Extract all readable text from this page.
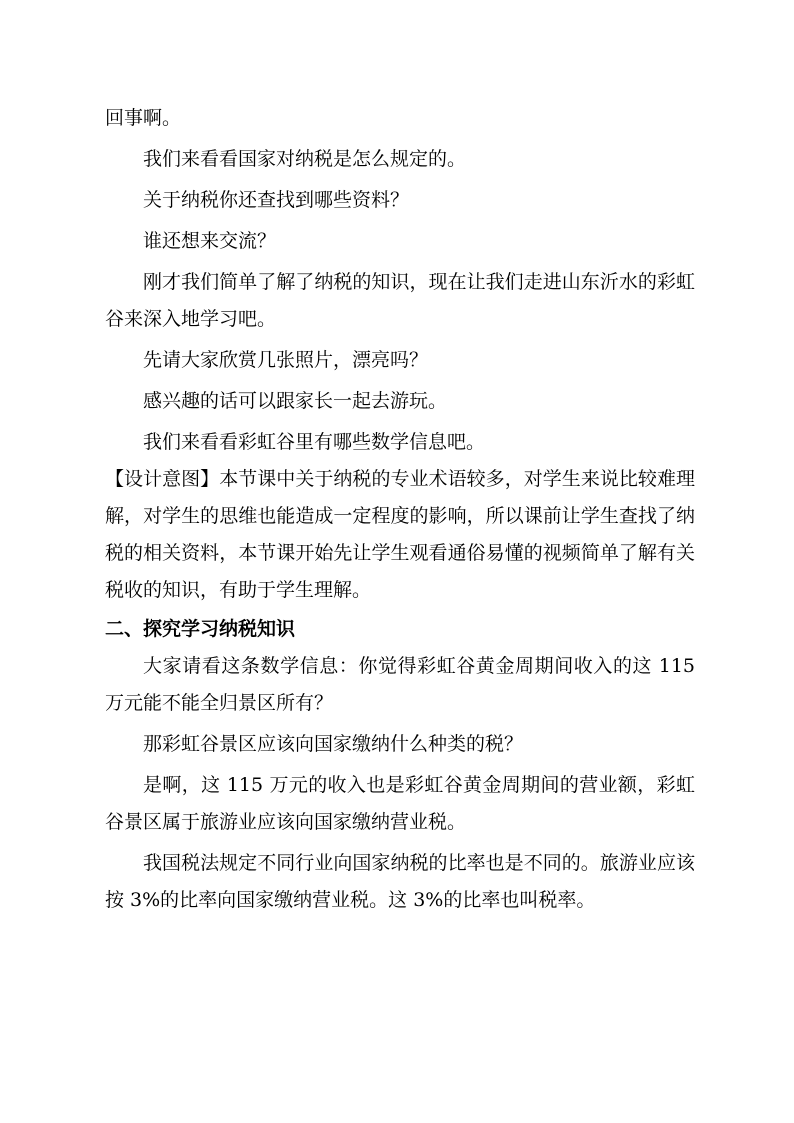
回事啊。

我们来看看国家对纳税是怎么规定的。

关于纳税你还查找到哪些资料？

谁还想来交流？

刚才我们简单了解了纳税的知识，现在让我们走进山东沂水的彩虹谷来深入地学习吧。

先请大家欣赏几张照片，漂亮吗？

感兴趣的话可以跟家长一起去游玩。

我们来看看彩虹谷里有哪些数学信息吧。

【设计意图】本节课中关于纳税的专业术语较多，对学生来说比较难理解，对学生的思维也能造成一定程度的影响，所以课前让学生查找了纳税的相关资料，本节课开始先让学生观看通俗易懂的视频简单了解有关税收的知识，有助于学生理解。

二、探究学习纳税知识

大家请看这条数学信息：你觉得彩虹谷黄金周期间收入的这 115 万元能不能全归景区所有？

那彩虹谷景区应该向国家缴纳什么种类的税？

是啊，这 115 万元的收入也是彩虹谷黄金周期间的营业额，彩虹谷景区属于旅游业应该向国家缴纳营业税。

我国税法规定不同行业向国家纳税的比率也是不同的。旅游业应该按 3%的比率向国家缴纳营业税。这 3%的比率也叫税率。
